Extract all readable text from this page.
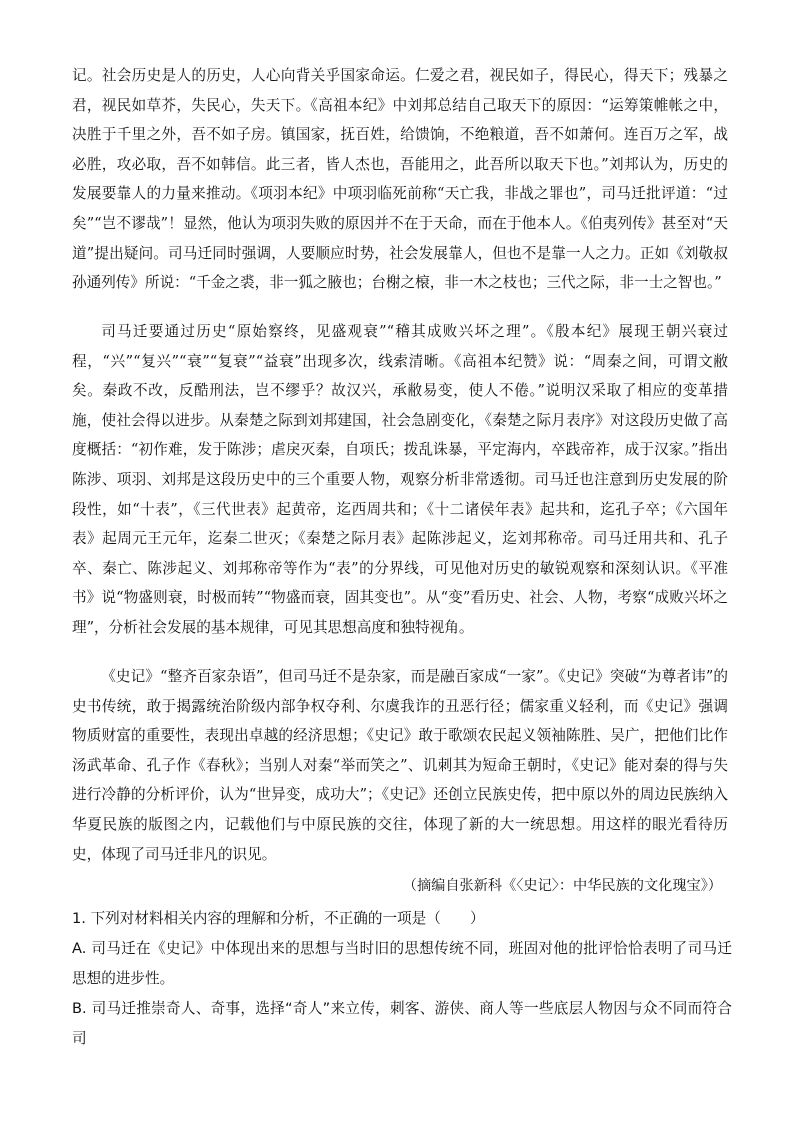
记。社会历史是人的历史，人心向背关乎国家命运。仁爱之君，视民如子，得民心，得天下；残暴之君，视民如草芥，失民心，失天下。《高祖本纪》中刘邦总结自己取天下的原因：“运筹策帷帐之中，决胜于千里之外，吾不如子房。镇国家，抚百姓，给馈饷，不绝粮道，吾不如萧何。连百万之军，战必胜，攻必取，吾不如韩信。此三者，皆人杰也，吾能用之，此吾所以取天下也。”刘邦认为，历史的发展要靠人的力量来推动。《项羽本纪》中项羽临死前称“天亡我，非战之罪也”，司马迁批评道：“过矣”“岂不谬哉”！显然，他认为项羽失败的原因并不在于天命，而在于他本人。《伯夷列传》甚至对“天道”提出疑问。司马迁同时强调，人要顺应时势，社会发展靠人，但也不是靠一人之力。正如《刘敬叔孙通列传》所说：“千金之裘，非一狐之腋也；台榭之榱，非一木之枝也；三代之际，非一士之智也。”

司马迁要通过历史“原始察终，见盛观衰”“稽其成败兴坏之理”。《殷本纪》展现王朝兴衰过程，“兴”“复兴”“衰”“复衰”“益衰”出现多次，线索清晰。《高祖本纪赞》说：“周秦之间，可谓文敝矣。秦政不改，反酷刑法，岂不缪乎？故汉兴，承敝易变，使人不倦。”说明汉采取了相应的变革措施，使社会得以进步。从秦楚之际到刘邦建国，社会急剧变化，《秦楚之际月表序》对这段历史做了高度概括：“初作难，发于陈涉；虐戾灭秦，自项氏；拨乱诛暴，平定海内，卒践帝祚，成于汉家。”指出陈涉、项羽、刘邦是这段历史中的三个重要人物，观察分析非常透彻。司马迁也注意到历史发展的阶段性，如“十表”，《三代世表》起黄帝，迄西周共和；《十二诸侯年表》起共和，迄孔子卒；《六国年表》起周元王元年，迄秦二世灭；《秦楚之际月表》起陈涉起义，迄刘邦称帝。司马迁用共和、孔子卒、秦亡、陈涉起义、刘邦称帝等作为“表”的分界线，可见他对历史的敏锐观察和深刻认识。《平准书》说“物盛则衰，时极而转”“物盛而衰，固其变也”。从“变”看历史、社会、人物，考察“成败兴坏之理”，分析社会发展的基本规律，可见其思想高度和独特视角。

《史记》“整齐百家杂语”，但司马迁不是杂家，而是融百家成“一家”。《史记》突破“为尊者讳”的史书传统，敢于揭露统治阶级内部争权夺利、尔虞我诈的丑恶行径；儒家重义轻利，而《史记》强调物质财富的重要性，表现出卓越的经济思想；《史记》敢于歌颂农民起义领袖陈胜、吴广，把他们比作汤武革命、孔子作《春秋》；当别人对秦“举而笑之”、讥刺其为短命王朝时，《史记》能对秦的得与失进行冷静的分析评价，认为“世异变，成功大”；《史记》还创立民族史传，把中原以外的周边民族纳入华夏民族的版图之内，记载他们与中原民族的交往，体现了新的大一统思想。用这样的眼光看待历史，体现了司马迁非凡的识见。

（摘编自张新科《〈史记〉：中华民族的文化瑰宝》）

1. 下列对材料相关内容的理解和分析，不正确的一项是（　　）

A. 司马迁在《史记》中体现出来的思想与当时旧的思想传统不同，班固对他的批评恰恰表明了司马迁思想的进步性。

B. 司马迁推崇奇人、奇事，选择“奇人”来立传，刺客、游侠、商人等一些底层人物因与众不同而符合司
